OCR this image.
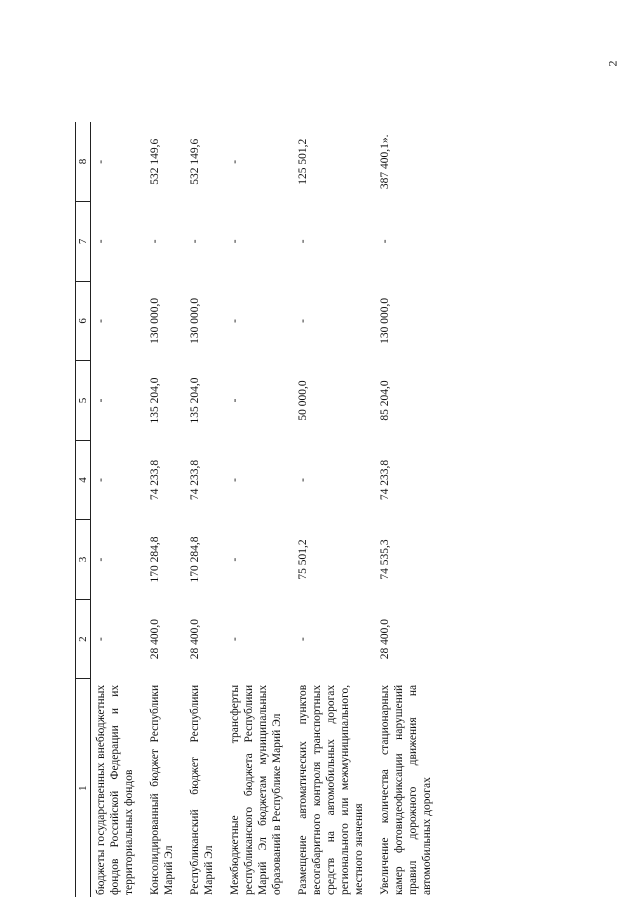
2
1	2	3	4	5	6	7	8
бюджеты государственных внебюджетных фондов Российской Федерации и их территориальных фондов	-	-	-	-	-	-	-
Консолидированный бюджет Республики Марий Эл	28 400,0	170 284,8	74 233,8	135 204,0	130 000,0	-	532 149,6
Республиканский бюджет Республики Марий Эл	28 400,0	170 284,8	74 233,8	135 204,0	130 000,0	-	532 149,6
Межбюджетные трансферты республиканского бюджета Республики Марий Эл бюджетам муниципальных образований в Республике Марий Эл	-	-	-	-	-	-	-
Размещение автоматических пунктов весогабаритного контроля транспортных средств на автомобильных дорогах регионального или межмуниципального, местного значения	-	75 501,2	-	50 000,0	-	-	125 501,2
Увеличение количества стационарных камер фотовидеофиксации нарушений правил дорожного движения на автомобильных дорогах	28 400,0	74 535,3	74 233,8	85 204,0	130 000,0	-	387 400,1».
